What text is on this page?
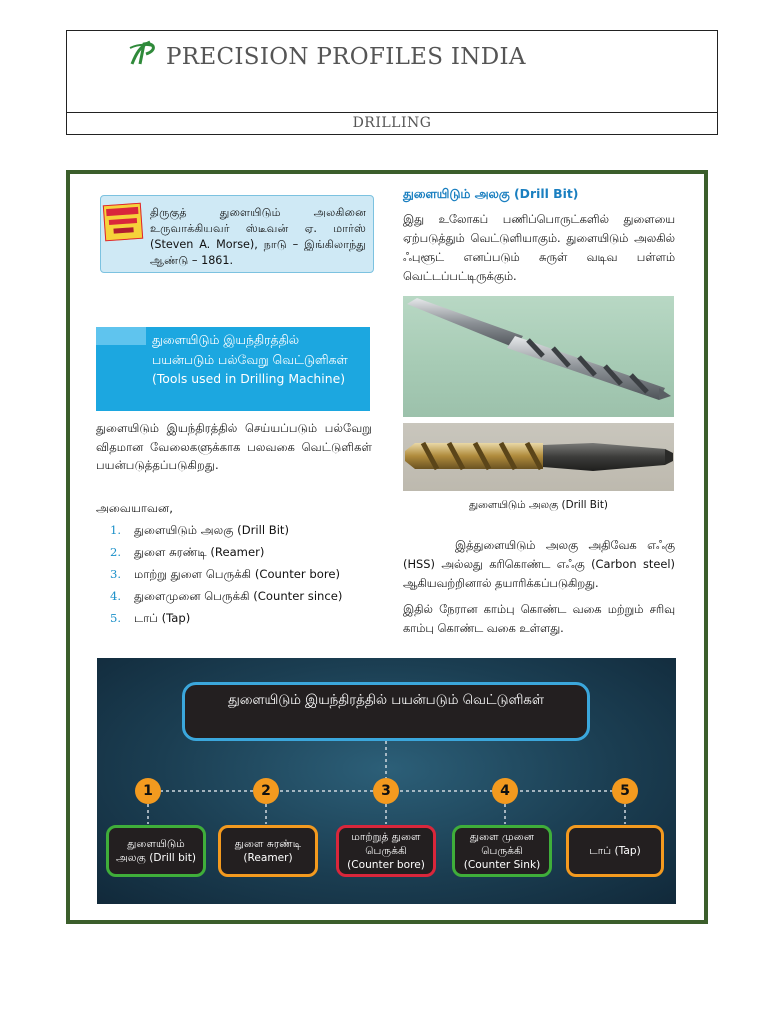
DRILLING
PRECISION PROFILES INDIA
திருகுத் துளையிடும் அலகினை உருவாக்கியவர் ஸ்டீவன் ஏ. மார்ஸ் (Steven A. Morse), நாடு – இங்கிலாந்து ஆண்டு – 1861.
துளையிடும் இயந்திரத்தில் பயன்படும் பல்வேறு வெட்டுளிகள் (Tools used in Drilling Machine)
துளையிடும் இயந்திரத்தில் செய்யப்படும் பல்வேறு விதமான வேலைகளுக்காக பலவகை வெட்டுளிகள் பயன்படுத்தப்படுகிறது.
அவையாவன,
1. துளையிடும் அலகு (Drill Bit)
2. துளை சுரண்டி (Reamer)
3. மாற்று துளை பெருக்கி (Counter bore)
4. துளைமுனை பெருக்கி (Counter since)
5. டாப் (Tap)
துளையிடும் அலகு (Drill Bit)
இது உலோகப் பணிப்பொருட்களில் துளையை ஏற்படுத்தும் வெட்டுளியாகும். துளையிடும் அலகில் ஃபுளூட் எனப்படும் சுருள் வடிவ பள்ளம் வெட்டப்பட்டிருக்கும்.
துளையிடும் அலகு (Drill Bit)
இத்துளையிடும் அலகு அதிவேக எஃகு (HSS) அல்லது கரிகொண்ட எஃகு (Carbon steel) ஆகியவற்றினால் தயாரிக்கப்படுகிறது.
இதில் நேரான காம்பு கொண்ட வகை மற்றும் சரிவு காம்பு கொண்ட வகை உள்ளது.
துளையிடும் இயந்திரத்தில் பயன்படும் வெட்டுளிகள்
1	2	3	4	5
துளையிடும் அலகு (Drill bit)
துளை சுரண்டி (Reamer)
மாற்றுத் துளை பெருக்கி (Counter bore)
துளை முனை பெருக்கி (Counter Sink)
டாப் (Tap)
